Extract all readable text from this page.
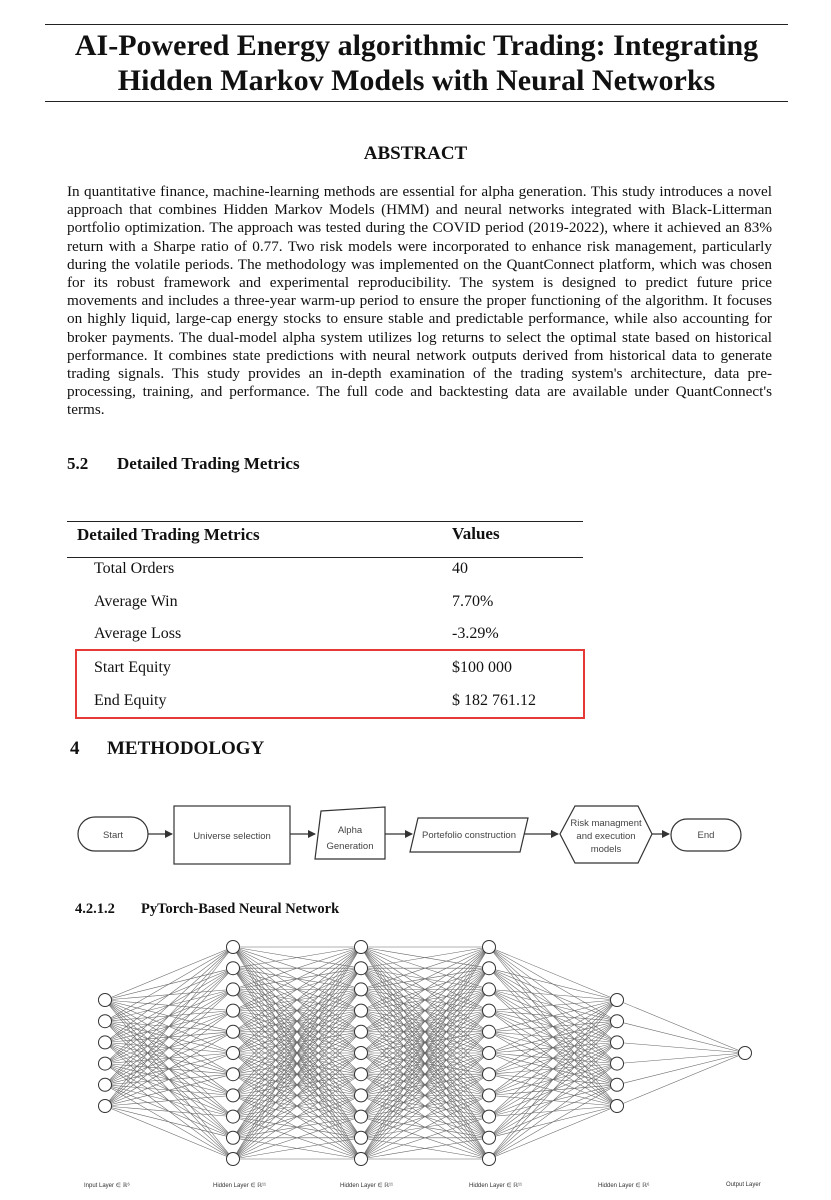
AI-Powered Energy algorithmic Trading: Integrating
Hidden Markov Models with Neural Networks
ABSTRACT
In quantitative finance, machine-learning methods are essential for alpha generation. This study introduces a novel approach that combines Hidden Markov Models (HMM) and neural networks integrated with Black-Litterman portfolio optimization. The approach was tested during the COVID period (2019-2022), where it achieved an 83% return with a Sharpe ratio of 0.77. Two risk models were incorporated to enhance risk management, particularly during the volatile periods. The methodology was implemented on the QuantConnect platform, which was chosen for its robust framework and experimental reproducibility. The system is designed to predict future price movements and includes a three-year warm-up period to ensure the proper functioning of the algorithm. It focuses on highly liquid, large-cap energy stocks to ensure stable and predictable performance, while also accounting for broker payments. The dual-model alpha system utilizes log returns to select the optimal state based on historical performance. It combines state predictions with neural network outputs derived from historical data to generate trading signals. This study provides an in-depth examination of the trading system's architecture, data pre-processing, training, and performance. The full code and backtesting data are available under QuantConnect's terms.
5.2 Detailed Trading Metrics
Detailed Trading Metrics	Values
Total Orders	40
Average Win	7.70%
Average Loss	-3.29%
Start Equity	$100 000
End Equity	$ 182 761.12
4 METHODOLOGY
Start	Universe selection
Alpha
Generation
Portefolio construction
Risk managment
and execution
models
End
4.2.1.2 PyTorch-Based Neural Network
Input Layer ∈ ℝ⁶	Hidden Layer ∈ ℝ¹¹	Hidden Layer ∈ ℝ¹¹	Hidden Layer ∈ ℝ¹¹	Hidden Layer ∈ ℝ⁶	Output Layer
